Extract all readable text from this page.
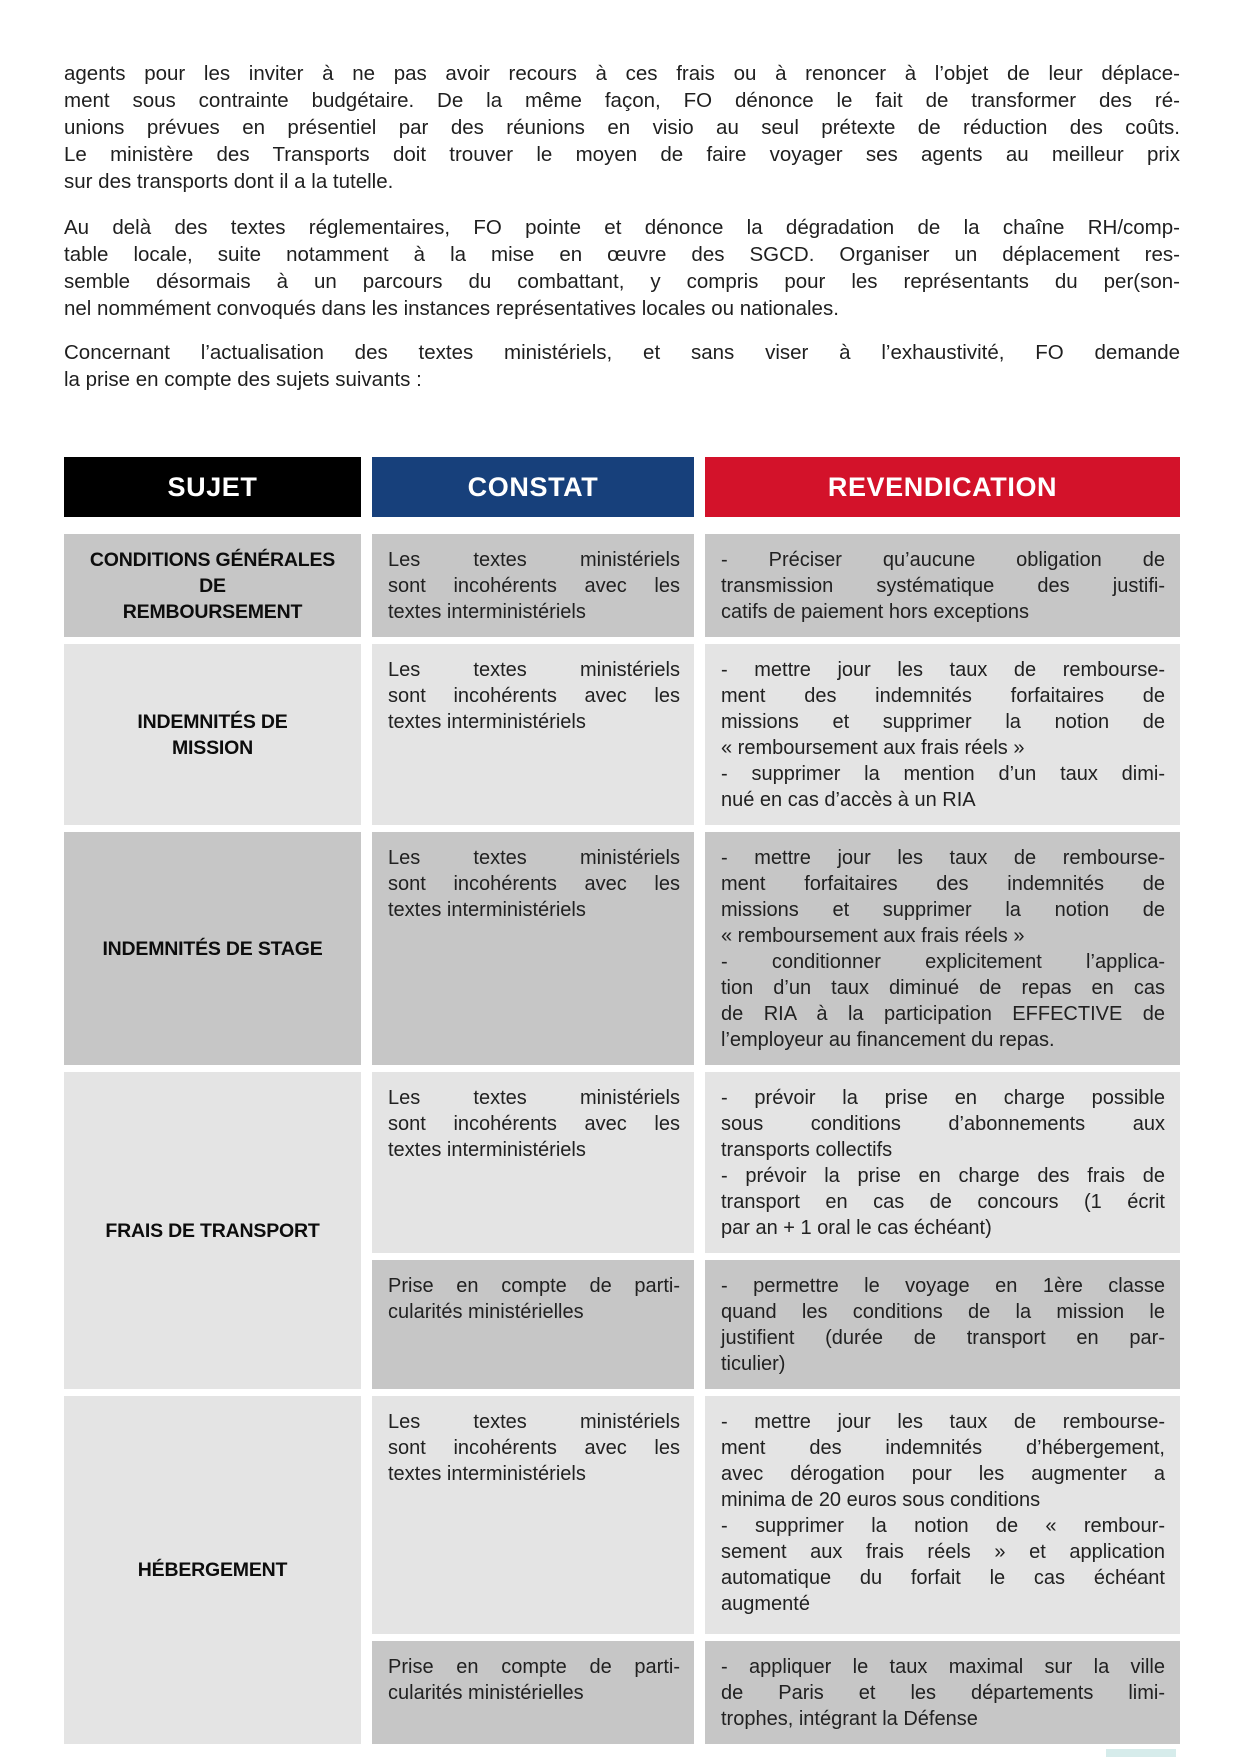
agents pour les inviter à ne pas avoir recours à ces frais ou à renoncer à l’objet de leur déplace-
ment sous contrainte budgétaire. De la même façon, FO dénonce le fait de transformer des ré-
unions prévues en présentiel par des réunions en visio au seul prétexte de réduction des coûts.
Le ministère des Transports doit trouver le moyen de faire voyager ses agents au meilleur prix
sur des transports dont il a la tutelle.
Au delà des textes réglementaires, FO pointe et dénonce la dégradation de la chaîne RH/comp-
table locale, suite notamment à la mise en œuvre des SGCD. Organiser un déplacement res-
semble désormais à un parcours du combattant, y compris pour les représentants du per(son-
nel nommément convoqués dans les instances représentatives locales ou nationales.
Concernant l’actualisation des textes ministériels, et sans viser à l’exhaustivité, FO demande
la prise en compte des sujets suivants :
SUJET	CONSTAT	REVENDICATION
CONDITIONS GÉNÉRALES
DE
REMBOURSEMENT
Les textes ministériels
sont incohérents avec les
textes interministériels
- Préciser qu’aucune obligation de
transmission systématique des justifi-
catifs de paiement hors exceptions
INDEMNITÉS DE
MISSION
Les textes ministériels
sont incohérents avec les
textes interministériels
- mettre jour les taux de rembourse-
ment des indemnités forfaitaires de
missions et supprimer la notion de
« remboursement aux frais réels »
- supprimer la mention d’un taux dimi-
nué en cas d’accès à un RIA
INDEMNITÉS DE STAGE
Les textes ministériels
sont incohérents avec les
textes interministériels
- mettre jour les taux de rembourse-
ment forfaitaires des indemnités de
missions et supprimer la notion de
« remboursement aux frais réels »
- conditionner explicitement l’applica-
tion d’un taux diminué de repas en cas
de RIA à la participation EFFECTIVE de
l’employeur au financement du repas.
FRAIS DE TRANSPORT
Les textes ministériels
sont incohérents avec les
textes interministériels
- prévoir la prise en charge possible
sous conditions d’abonnements aux
transports collectifs
- prévoir la prise en charge des frais de
transport en cas de concours (1 écrit
par an + 1 oral le cas échéant)
Prise en compte de parti-
cularités ministérielles
- permettre le voyage en 1ère classe
quand les conditions de la mission le
justifient (durée de transport en par-
ticulier)
HÉBERGEMENT
Les textes ministériels
sont incohérents avec les
textes interministériels
- mettre jour les taux de rembourse-
ment des indemnités d’hébergement,
avec dérogation pour les augmenter a
minima de 20 euros sous conditions
- supprimer la notion de « rembour-
sement aux frais réels » et application
automatique du forfait le cas échéant
augmenté
Prise en compte de parti-
cularités ministérielles
- appliquer le taux maximal sur la ville
de Paris et les départements limi-
trophes, intégrant la Défense
